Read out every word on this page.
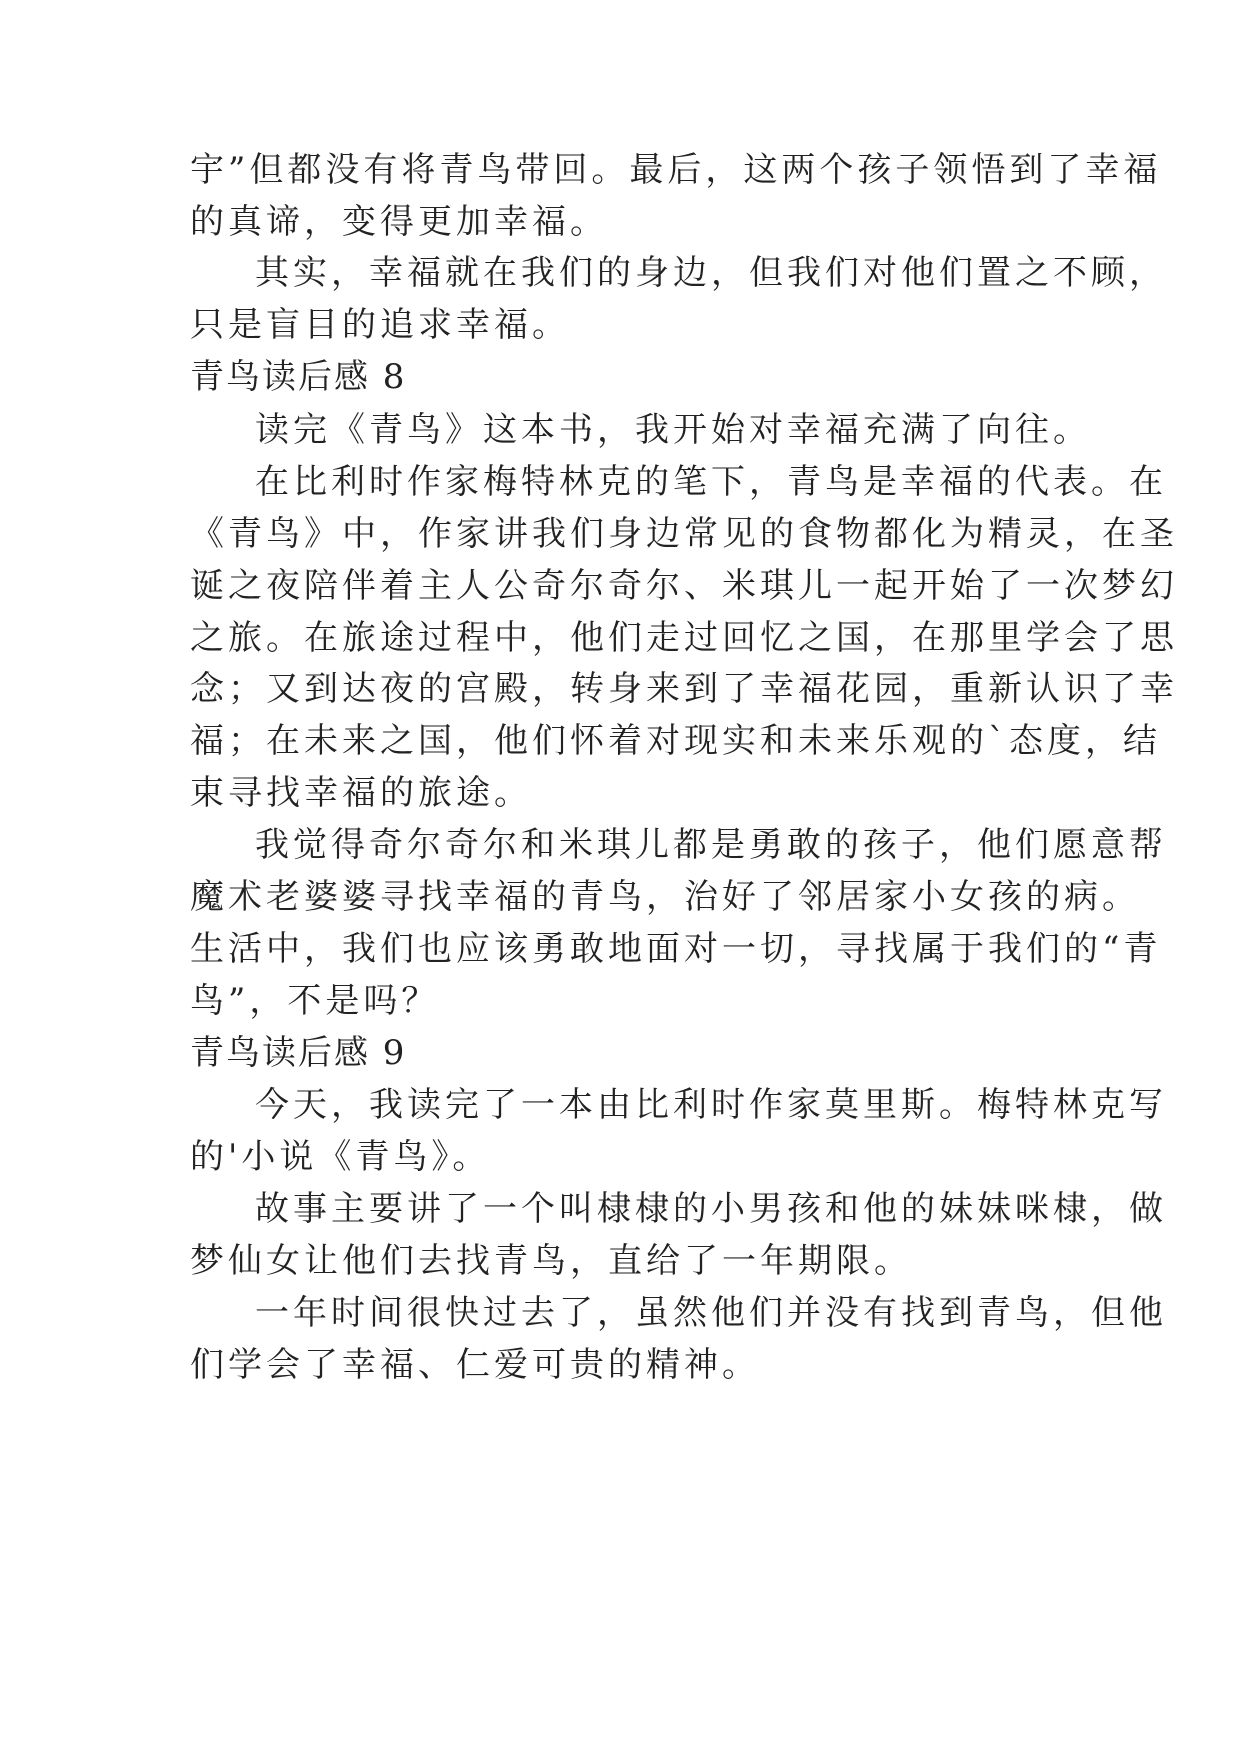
宇”但都没有将青鸟带回。最后，这两个孩子领悟到了幸福
的真谛，变得更加幸福。
其实，幸福就在我们的身边，但我们对他们置之不顾，
只是盲目的追求幸福。
青鸟读后感 8
读完《青鸟》这本书，我开始对幸福充满了向往。
在比利时作家梅特林克的笔下，青鸟是幸福的代表。在
《青鸟》中，作家讲我们身边常见的食物都化为精灵，在圣
诞之夜陪伴着主人公奇尔奇尔、米琪儿一起开始了一次梦幻
之旅。在旅途过程中，他们走过回忆之国，在那里学会了思
念；又到达夜的宫殿，转身来到了幸福花园，重新认识了幸
福；在未来之国，他们怀着对现实和未来乐观的`态度，结
束寻找幸福的旅途。
我觉得奇尔奇尔和米琪儿都是勇敢的孩子，他们愿意帮
魔术老婆婆寻找幸福的青鸟，治好了邻居家小女孩的病。
生活中，我们也应该勇敢地面对一切，寻找属于我们的“青
鸟”，不是吗？
青鸟读后感 9
今天，我读完了一本由比利时作家莫里斯。梅特林克写
的'小说《青鸟》。
故事主要讲了一个叫棣棣的小男孩和他的妹妹咪棣，做
梦仙女让他们去找青鸟，直给了一年期限。
一年时间很快过去了，虽然他们并没有找到青鸟，但他
们学会了幸福、仁爱可贵的精神。
